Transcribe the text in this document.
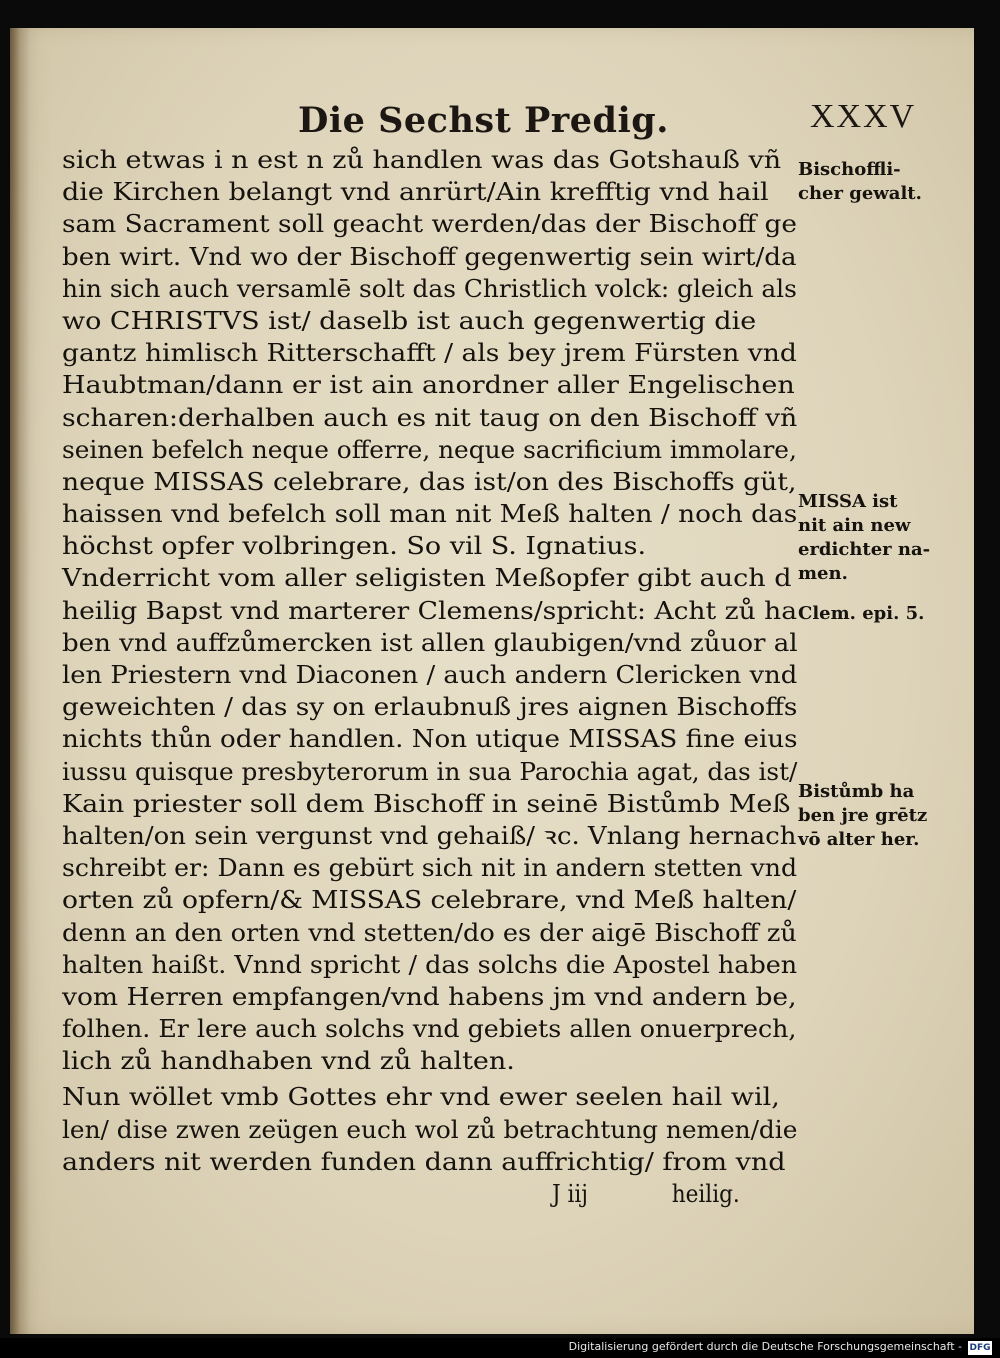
Die Sechst Predig.	XXXV
sich etwas i n est n zů handlen was das Gotshauß vñ
die Kirchen belangt vnd anrürt/Ain krefftig vnd hail
sam Sacrament soll geacht werden/das der Bischoff ge
ben wirt. Vnd wo der Bischoff gegenwertig sein wirt/da
hin sich auch versamlē solt das Christlich volck: gleich als
wo CHRISTVS ist/ daselb ist auch gegenwertig die
gantz himlisch Ritterschafft / als bey jrem Fürsten vnd
Haubtman/dann er ist ain anordner aller Engelischen
scharen:derhalben auch es nit taug on den Bischoff vñ
seinen befelch neque offerre, neque sacrificium immolare,
neque MISSAS celebrare, das ist/on des Bischoffs güt,
haissen vnd befelch soll man nit Meß halten / noch das
höchst opfer volbringen. So vil S. Ignatius.
Vnderricht vom aller seligisten Meßopfer gibt auch d
heilig Bapst vnd marterer Clemens/spricht: Acht zů ha
ben vnd auffzůmercken ist allen glaubigen/vnd zůuor al
len Priestern vnd Diaconen / auch andern Clericken vnd
geweichten / das sy on erlaubnuß jres aignen Bischoffs
nichts thůn oder handlen. Non utique MISSAS fine eius
iussu quisque presbyterorum in sua Parochia agat, das ist/
Kain priester soll dem Bischoff in seinē Bistůmb Meß
halten/on sein vergunst vnd gehaiß/ ꝛc. Vnlang hernach
schreibt er: Dann es gebürt sich nit in andern stetten vnd
orten zů opfern/& MISSAS celebrare, vnd Meß halten/
denn an den orten vnd stetten/do es der aigē Bischoff zů
halten haißt. Vnnd spricht / das solchs die Apostel haben
vom Herren empfangen/vnd habens jm vnd andern be,
folhen. Er lere auch solchs vnd gebiets allen onuerprech,
lich zů handhaben vnd zů halten.
Nun wöllet vmb Gottes ehr vnd ewer seelen hail wil,
len/ dise zwen zeügen euch wol zů betrachtung nemen/die
anders nit werden funden dann auffrichtig/ from vnd
J iij	heilig.
Bischoffli-
cher gewalt.
MISSA ist
nit ain new
erdichter na-
men.
Clem. epi. 5.
Bistůmb ha
ben jre grētz
vō alter her.
Digitalisierung gefördert durch die Deutsche Forschungsgemeinschaft - DFG
